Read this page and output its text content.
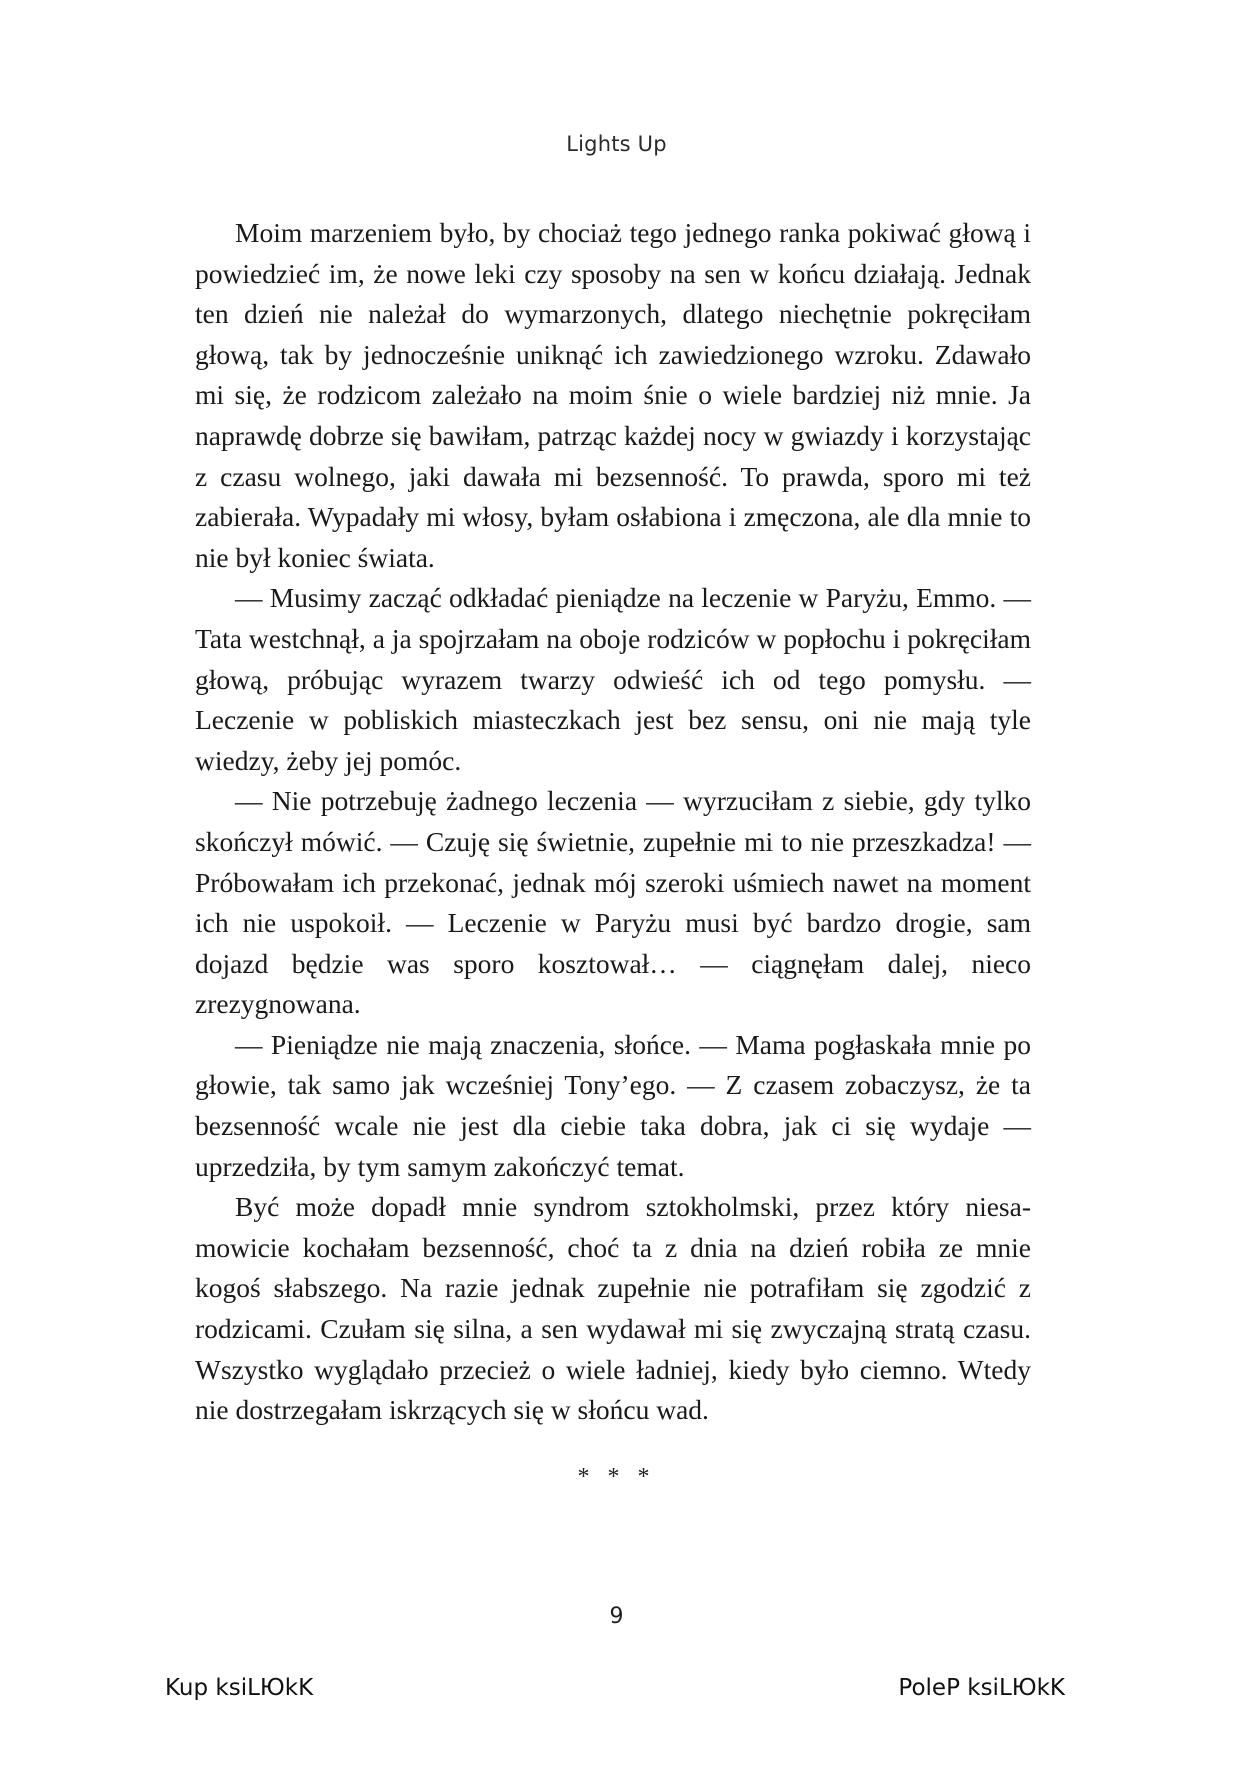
Lights Up

Moim marzeniem było, by chociaż tego jednego ranka pokiwać głową i powiedzieć im, że nowe leki czy sposoby na sen w końcu działają. Jednak ten dzień nie należał do wymarzonych, dlatego niechętnie pokręciłam głową, tak by jednocześnie uniknąć ich zawiedzionego wzroku. Zdawało mi się, że rodzicom zależało na moim śnie o wiele bardziej niż mnie. Ja naprawdę dobrze się bawiłam, patrząc każdej nocy w gwiazdy i korzystając z czasu wolnego, jaki dawała mi bezsenność. To prawda, sporo mi też zabierała. Wypadały mi włosy, byłam osłabiona i zmęczona, ale dla mnie to nie był koniec świata.

— Musimy zacząć odkładać pieniądze na leczenie w Paryżu, Emmo. — Tata westchnął, a ja spojrzałam na oboje rodziców w popłochu i pokręciłam głową, próbując wyrazem twarzy odwieść ich od tego pomysłu. — Leczenie w pobliskich miasteczkach jest bez sensu, oni nie mają tyle wiedzy, żeby jej pomóc.

— Nie potrzebuję żadnego leczenia — wyrzuciłam z siebie, gdy tylko skończył mówić. — Czuję się świetnie, zupełnie mi to nie przeszkadza! — Próbowałam ich przekonać, jednak mój szeroki uśmiech nawet na moment ich nie uspokoił. — Leczenie w Paryżu musi być bardzo drogie, sam dojazd będzie was sporo kosztował… — ciągnęłam dalej, nieco zrezygnowana.

— Pieniądze nie mają znaczenia, słońce. — Mama pogłaskała mnie po głowie, tak samo jak wcześniej Tony’ego. — Z czasem zobaczysz, że ta bezsenność wcale nie jest dla ciebie taka dobra, jak ci się wydaje — uprzedziła, by tym samym zakończyć temat.

Być może dopadł mnie syndrom sztokholmski, przez który niesamowicie kochałam bezsenność, choć ta z dnia na dzień robiła ze mnie kogoś słabszego. Na razie jednak zupełnie nie potrafiłam się zgodzić z rodzicami. Czułam się silna, a sen wydawał mi się zwyczajną stratą czasu. Wszystko wyglądało przecież o wiele ładniej, kiedy było ciemno. Wtedy nie dostrzegałam iskrzących się w słońcu wad.

* * *
9
Kup ksiLЮkK	PoleP ksiLЮkK
